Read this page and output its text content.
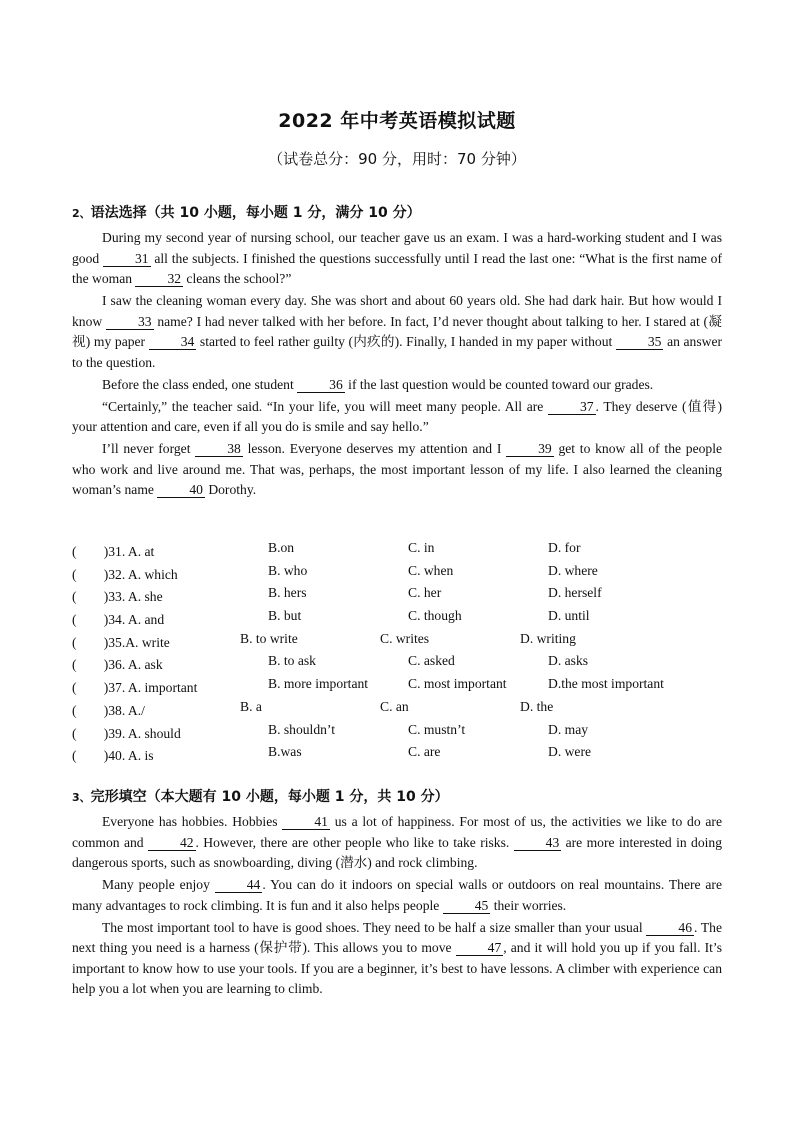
2022 年中考英语模拟试题
（试卷总分：90 分，用时：70 分钟）

2、语法选择（共 10 小题，每小题 1 分，满分 10 分）

During my second year of nursing school, our teacher gave us an exam. I was a hard-working student and I was good 31 all the subjects. I finished the questions successfully until I read the last one: “What is the first name of the woman 32 cleans the school?”

I saw the cleaning woman every day. She was short and about 60 years old. She had dark hair. But how would I know 33 name? I had never talked with her before. In fact, I’d never thought about talking to her. I stared at (凝视) my paper 34 started to feel rather guilty (内疚的). Finally, I handed in my paper without 35 an answer to the question.

Before the class ended, one student 36 if the last question would be counted toward our grades.

“Certainly,” the teacher said. “In your life, you will meet many people. All are 37 . They deserve (值得) your attention and care, even if all you do is smile and say hello.”

I’ll never forget 38 lesson. Everyone deserves my attention and I 39 get to know all of the people who work and live around me. That was, perhaps, the most important lesson of my life. I also learned the cleaning woman’s name 40 Dorothy.

(　　)31. A. at	B.on	C. in	D. for
(　　)32. A. which	B. who	C. when	D. where
(　　)33. A. she	B. hers	C. her	D. herself
(　　)34. A. and	B. but	C. though	D. until
(　　)35.A. write	B. to write	C. writes	D. writing
(　　)36. A. ask	B. to ask	C. asked	D. asks
(　　)37. A. important	B. more important	C. most important	D.the most important
(　　)38. A./	B. a	C. an	D. the
(　　)39. A. should	B. shouldn’t	C. mustn’t	D. may
(　　)40. A. is	B.was	C. are	D. were

3、完形填空（本大题有 10 小题，每小题 1 分，共 10 分）

Everyone has hobbies. Hobbies 41 us a lot of happiness. For most of us, the activities we like to do are common and 42 . However, there are other people who like to take risks. 43 are more interested in doing dangerous sports, such as snowboarding, diving (潜水) and rock climbing.

Many people enjoy 44 . You can do it indoors on special walls or outdoors on real mountains. There are many advantages to rock climbing. It is fun and it also helps people 45 their worries.

The most important tool to have is good shoes. They need to be half a size smaller than your usual 46 . The next thing you need is a harness (保护带). This allows you to move 47 , and it will hold you up if you fall. It’s important to know how to use your tools. If you are a beginner, it’s best to have lessons. A climber with experience can help you a lot when you are learning to climb.
